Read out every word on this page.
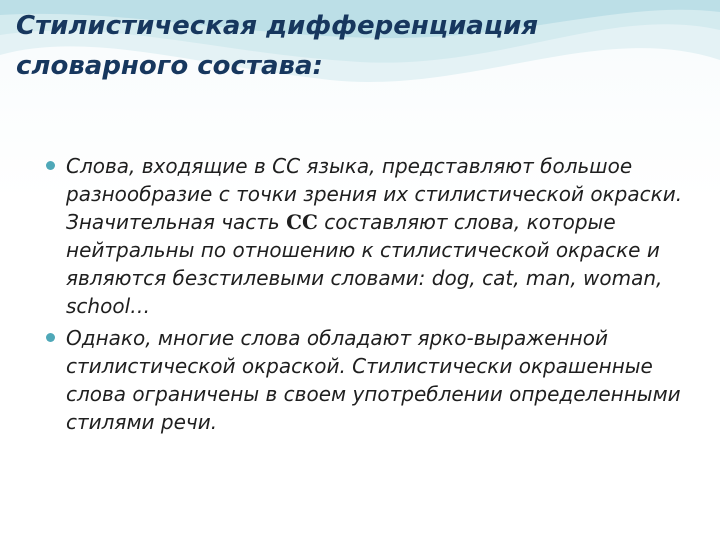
Стилистическая дифференциация словарного состава:
Слова, входящие в СС языка, представляют большое разнообразие с точки зрения их стилистической окраски. Значительная часть СС составляют слова, которые нейтральны по отношению к стилистической окраске и являются безстилевыми словами: dog, cat, man, woman, school…
Однако, многие слова обладают ярко-выраженной стилистической окраской. Стилистически окрашенные слова ограничены в своем употреблении определенными стилями речи.
